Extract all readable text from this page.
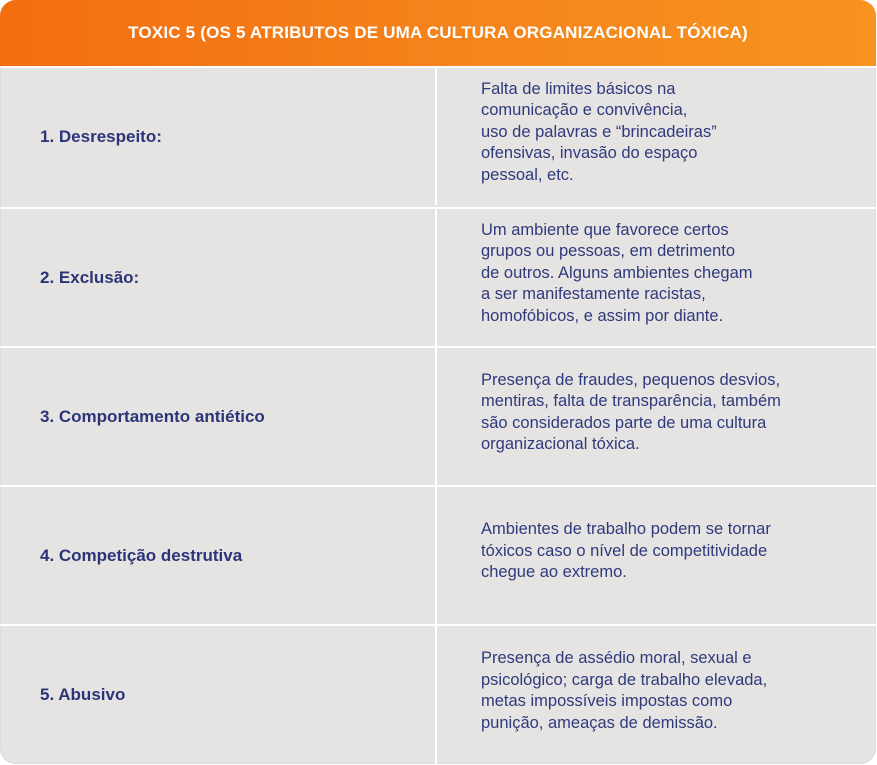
TOXIC 5 (OS 5 ATRIBUTOS DE UMA CULTURA ORGANIZACIONAL TÓXICA)
1. Desrespeito:
Falta de limites básicos na
comunicação e convivência,
uso de palavras e “brincadeiras”
ofensivas, invasão do espaço
pessoal, etc.
2. Exclusão:
Um ambiente que favorece certos
grupos ou pessoas, em detrimento
de outros. Alguns ambientes chegam
a ser manifestamente racistas,
homofóbicos, e assim por diante.
3. Comportamento antiético
Presença de fraudes, pequenos desvios,
mentiras, falta de transparência, também
são considerados parte de uma cultura
organizacional tóxica.
4. Competição destrutiva
Ambientes de trabalho podem se tornar
tóxicos caso o nível de competitividade
chegue ao extremo.
5. Abusivo
Presença de assédio moral, sexual e
psicológico; carga de trabalho elevada,
metas impossíveis impostas como
punição, ameaças de demissão.
